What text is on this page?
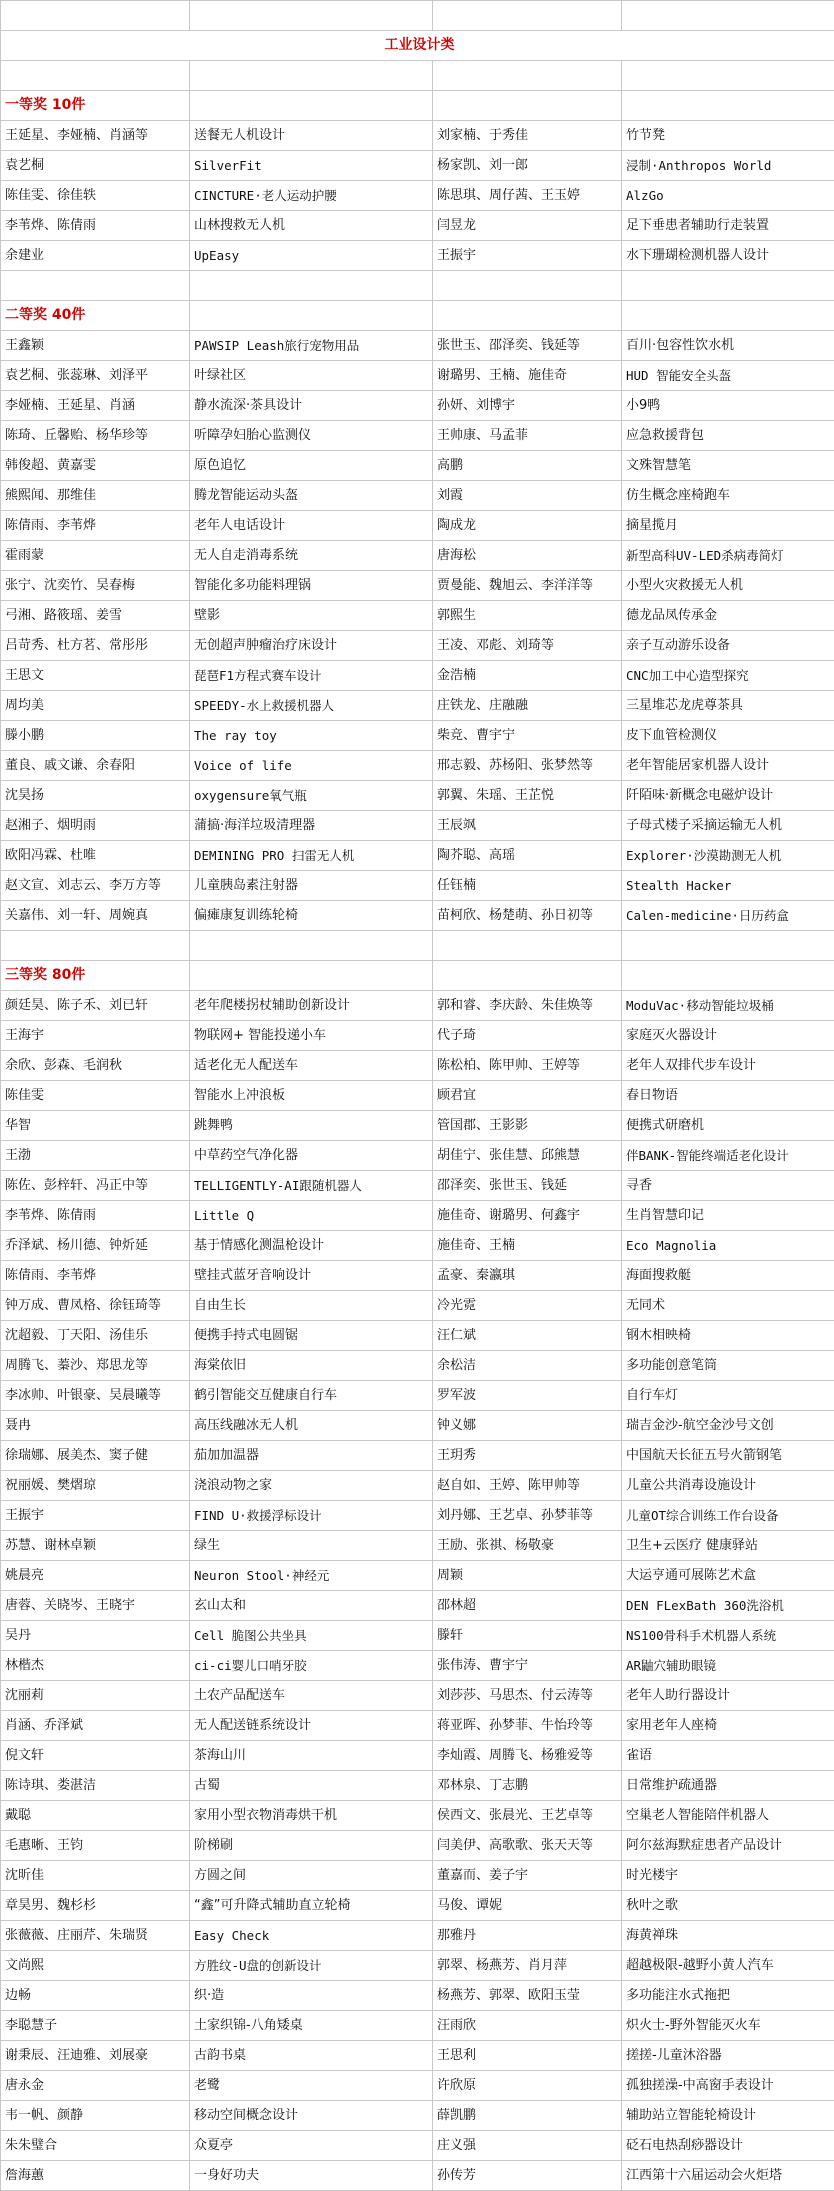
工业设计类			

一等奖 10件			
王延星、李娅楠、肖涵等	送餐无人机设计	刘家楠、于秀佳	竹节凳
袁艺桐	SilverFit	杨家凯、刘一郎	浸制·Anthropos World
陈佳雯、徐佳轶	CINCTURE·老人运动护腰	陈思琪、周仔茜、王玉婷	AlzGo
李苇烨、陈倩雨	山林搜救无人机	闫昱龙	足下垂患者辅助行走装置
余建业	UpEasy	王振宇	水下珊瑚检测机器人设计

二等奖 40件			
王鑫颖	PAWSIP Leash旅行宠物用品	张世玉、邵泽奕、钱延等	百川·包容性饮水机
袁艺桐、张蕊琳、刘泽平	叶绿社区	谢璐男、王楠、施佳奇	HUD 智能安全头盔
李娅楠、王延星、肖涵	静水流深·茶具设计	孙妍、刘博宇	小9鸭
陈琦、丘馨贻、杨华珍等	听障孕妇胎心监测仪	王帅康、马孟菲	应急救援背包
韩俊超、黄嘉雯	原色追忆	高鹏	文殊智慧笔
熊熙闻、那维佳	腾龙智能运动头盔	刘霞	仿生概念座椅跑车
陈倩雨、李苇烨	老年人电话设计	陶成龙	摘星揽月
霍雨蒙	无人自走消毒系统	唐海松	新型高科UV-LED杀病毒简灯
张宁、沈奕竹、吴春梅	智能化多功能料理锅	贾曼能、魏旭云、李洋洋等	小型火灾救援无人机
弓湘、路筱瑶、姜雪	壁影	郭熙生	德龙品凤传承金
吕苛秀、杜方茗、常彤彤	无创超声肿瘤治疗床设计	王凌、邓彪、刘琦等	亲子互动游乐设备
王思文	琵琶F1方程式赛车设计	金浩楠	CNC加工中心造型探究
周均美	SPEEDY-水上救援机器人	庄铁龙、庄融融	三星堆芯龙虎尊茶具
滕小鹏	The ray toy	柴竞、曹宇宁	皮下血管检测仪
董良、戚文谦、余春阳	Voice of life	邢志毅、苏杨阳、张梦然等	老年智能居家机器人设计
沈昊扬	oxygensure氧气瓶	郭翼、朱瑶、王芷悦	阡陌味·新概念电磁炉设计
赵湘子、烟明雨	蒲搞·海洋垃圾清理器	王辰飒	子母式楼子采摘运输无人机
欧阳冯霖、杜唯	DEMINING PRO 扫雷无人机	陶芥聪、高瑶	Explorer·沙漠勘测无人机
赵文宣、刘志云、李万方等	儿童胰岛素注射器	任钰楠	Stealth Hacker
关嘉伟、刘一轩、周婉真	偏瘫康复训练轮椅	苗柯欣、杨楚萌、孙日初等	Calen-medicine·日历药盒

三等奖 80件			
颜廷昊、陈子禾、刘已轩	老年爬楼拐杖辅助创新设计	郭和睿、李庆龄、朱佳焕等	ModuVac·移动智能垃圾桶
王海宇	物联网+ 智能投递小车	代子琦	家庭灭火器设计
余欣、彭森、毛润秋	适老化无人配送车	陈松柏、陈甲帅、王婷等	老年人双排代步车设计
陈佳雯	智能水上冲浪板	顾君宜	春日物语
华智	跳舞鸭	管国郡、王影影	便携式研磨机
王渤	中草药空气净化器	胡佳宁、张佳慧、邱熊慧	伴BANK-智能终端适老化设计
陈佐、彭梓轩、冯正中等	TELLIGENTLY-AI跟随机器人	邵泽奕、张世玉、钱延	寻香
李苇烨、陈倩雨	Little Q	施佳奇、谢璐男、何鑫宇	生肖智慧印记
乔泽斌、杨川德、钟炘延	基于情感化测温枪设计	施佳奇、王楠	Eco Magnolia
陈倩雨、李苇烨	壁挂式蓝牙音响设计	孟豪、秦瀛琪	海面搜救艇
钟万成、曹凤格、徐钰琦等	自由生长	冷光霓	无同术
沈超毅、丁天阳、汤佳乐	便携手持式电圆锯	汪仁斌	钢木相映椅
周腾飞、蓁沙、郑思龙等	海棠依旧	余松洁	多功能创意笔筒
李冰帅、叶银豪、吴晨曦等	鹤引智能交互健康自行车	罗军波	自行车灯
聂冉	高压线融冰无人机	钟义娜	瑞吉金沙-航空金沙号文创
徐瑞娜、展美杰、窦子健	茄加加温器	王玥秀	中国航天长征五号火箭钢笔
祝丽媛、樊熠琼	浇浪动物之家	赵自如、王婷、陈甲帅等	儿童公共消毒设施设计
王振宇	FIND U·救援浮标设计	刘丹娜、王艺卓、孙梦菲等	儿童OT综合训练工作台设备
苏慧、谢林卓颖	绿生	王励、张祺、杨敬豪	卫生+云医疗 健康驿站
姚晨亮	Neuron Stool·神经元	周颖	大运亨通可展陈艺术盒
唐蓉、关晓岑、王晓宇	玄山太和	邵林超	DEN FLexBath 360洗浴机
吴丹	Cell 脆图公共坐具	滕轩	NS100骨科手术机器人系统
林楷杰	ci-ci婴儿口哨牙胶	张伟涛、曹宇宁	AR鼬穴辅助眼镜
沈丽莉	土农产品配送车	刘莎莎、马思杰、付云涛等	老年人助行器设计
肖涵、乔泽斌	无人配送链系统设计	蒋亚晖、孙梦菲、牛怡玲等	家用老年人座椅
倪文轩	茶海山川	李灿霞、周腾飞、杨雅爱等	雀语
陈诗琪、娄湛洁	古蜀	邓林泉、丁志鹏	日常维护疏通器
戴聪	家用小型衣物消毒烘干机	侯西文、张晨光、王艺卓等	空巢老人智能陪伴机器人
毛惠晰、王钧	阶梯刷	闫美伊、高歌歌、张天天等	阿尔兹海默症患者产品设计
沈昕佳	方圆之间	董嘉而、姜子宇	时光楼宇
章昊男、魏杉杉	“鑫”可升降式辅助直立轮椅	马俊、谭妮	秋叶之歌
张薇薇、庄丽芹、朱瑞贤	Easy Check	那雅丹	海黄禅珠
文尚熙	方胜纹-U盘的创新设计	郭翠、杨燕芳、肖月萍	超越极限-越野小黄人汽车
边畅	织·造	杨燕芳、郭翠、欧阳玉莹	多功能注水式拖把
李聪慧子	土家织锦-八角矮桌	汪雨欣	炽火士-野外智能灭火车
谢秉辰、汪迪雅、刘展豪	古韵书桌	王思利	搓搓-儿童沐浴器
唐永金	老鹭	许欣原	孤独搓澡-中高窗手表设计
韦一帆、颜静	移动空间概念设计	薛凯鹏	辅助站立智能轮椅设计
朱朱璧合	众夏亭	庄义强	砭石电热刮痧器设计
詹海蕙	一身好功夫	孙传芳	江西第十六届运动会火炬塔
